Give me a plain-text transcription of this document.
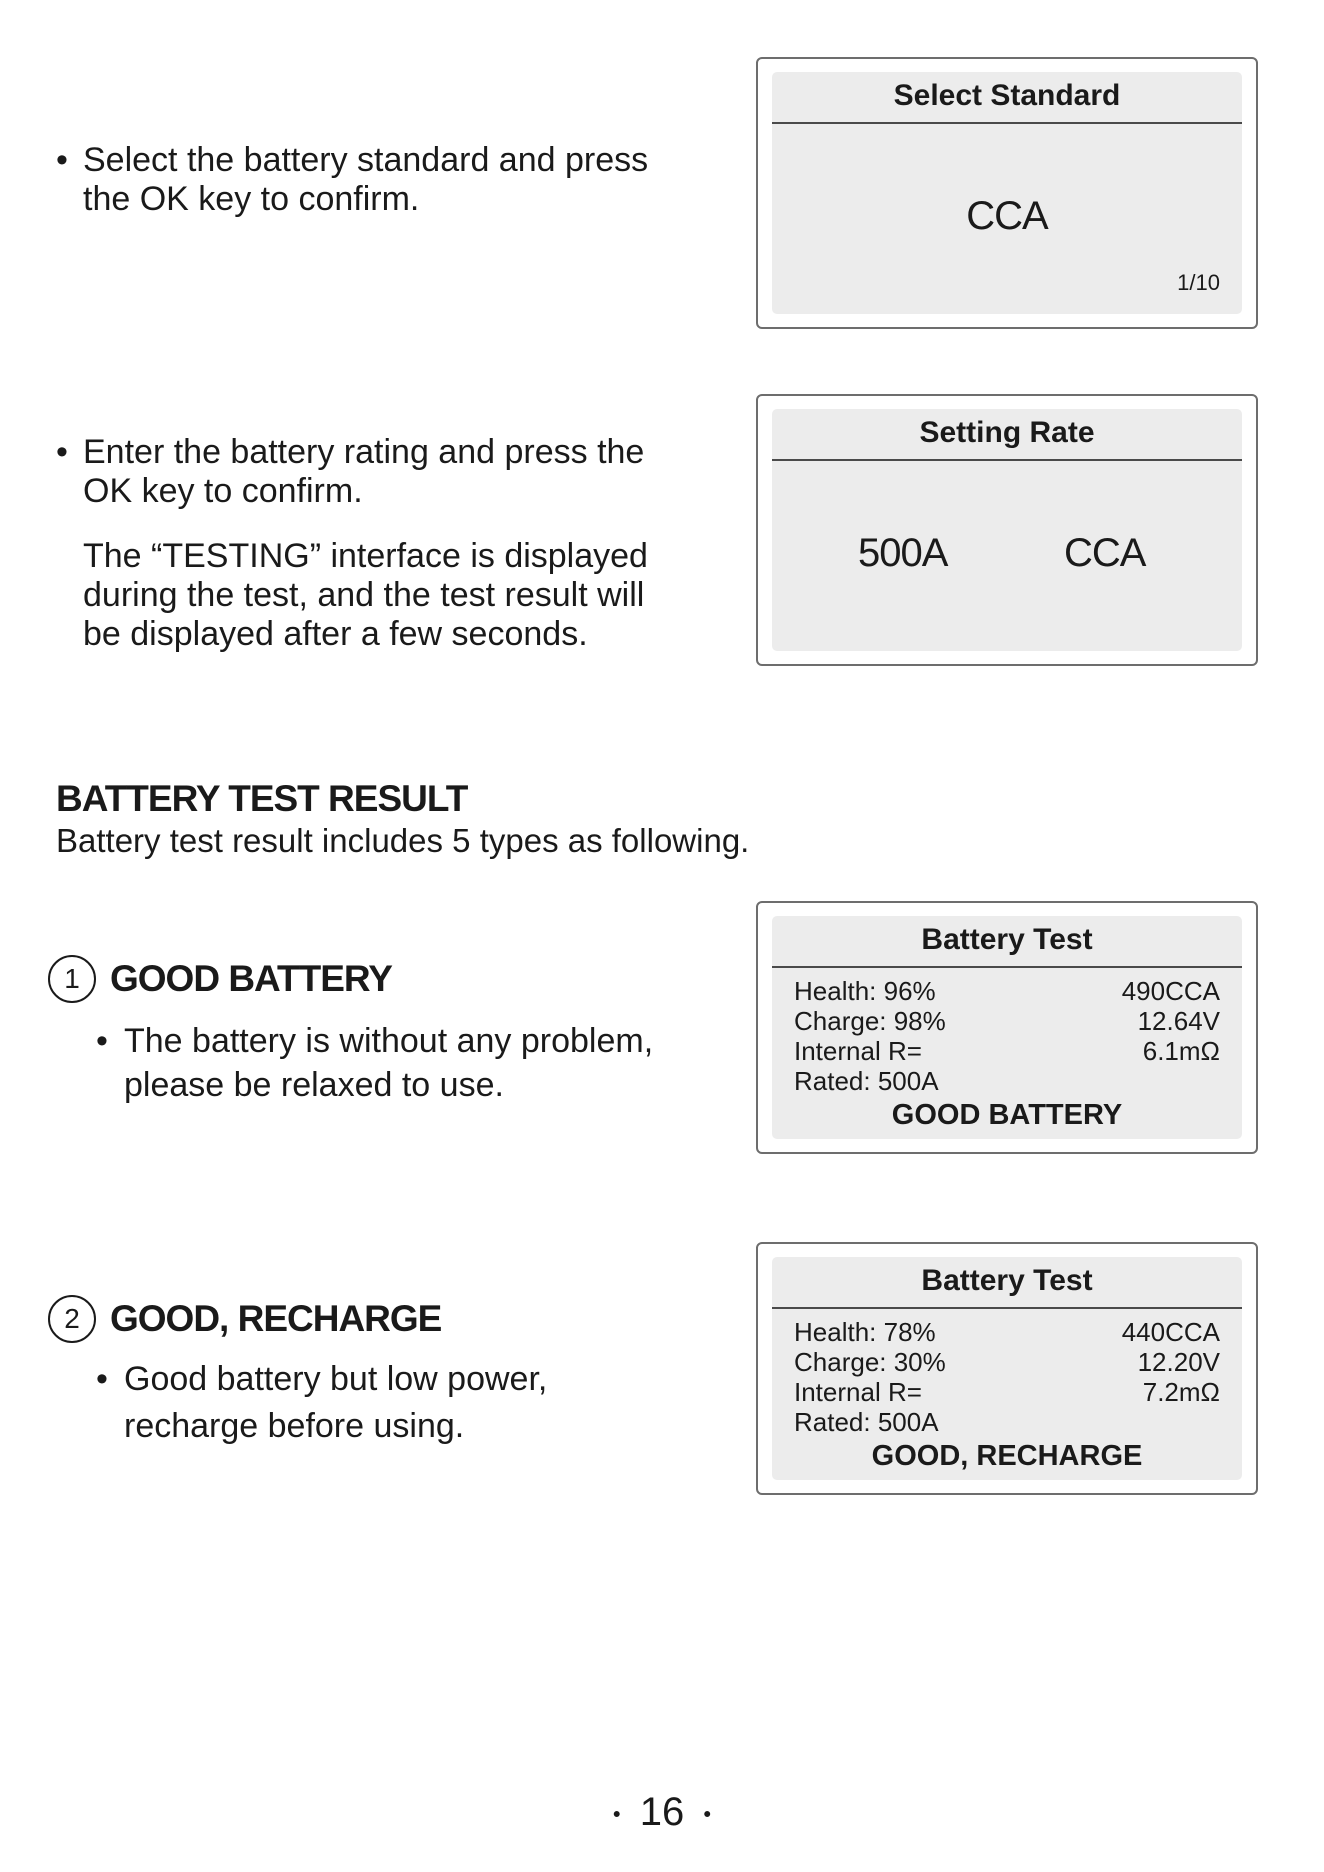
• Select the battery standard and press
the OK key to confirm.

Select Standard
CCA
1/10

• Enter the battery rating and press the
OK key to confirm.

The “TESTING” interface is displayed
during the test, and the test result will
be displayed after a few seconds.

Setting Rate
500A	CCA
BATTERY TEST RESULT
Battery test result includes 5 types as following.
1 GOOD BATTERY
• The battery is without any problem,
please be relaxed to use.
Battery Test
Health: 96%	490CCA
Charge: 98%	12.64V
Internal R=	6.1mΩ
Rated: 500A
GOOD BATTERY
2 GOOD, RECHARGE
• Good battery but low power,
recharge before using.
Battery Test
Health: 78%	440CCA
Charge: 30%	12.20V
Internal R=	7.2mΩ
Rated: 500A
GOOD, RECHARGE
• 16 •
